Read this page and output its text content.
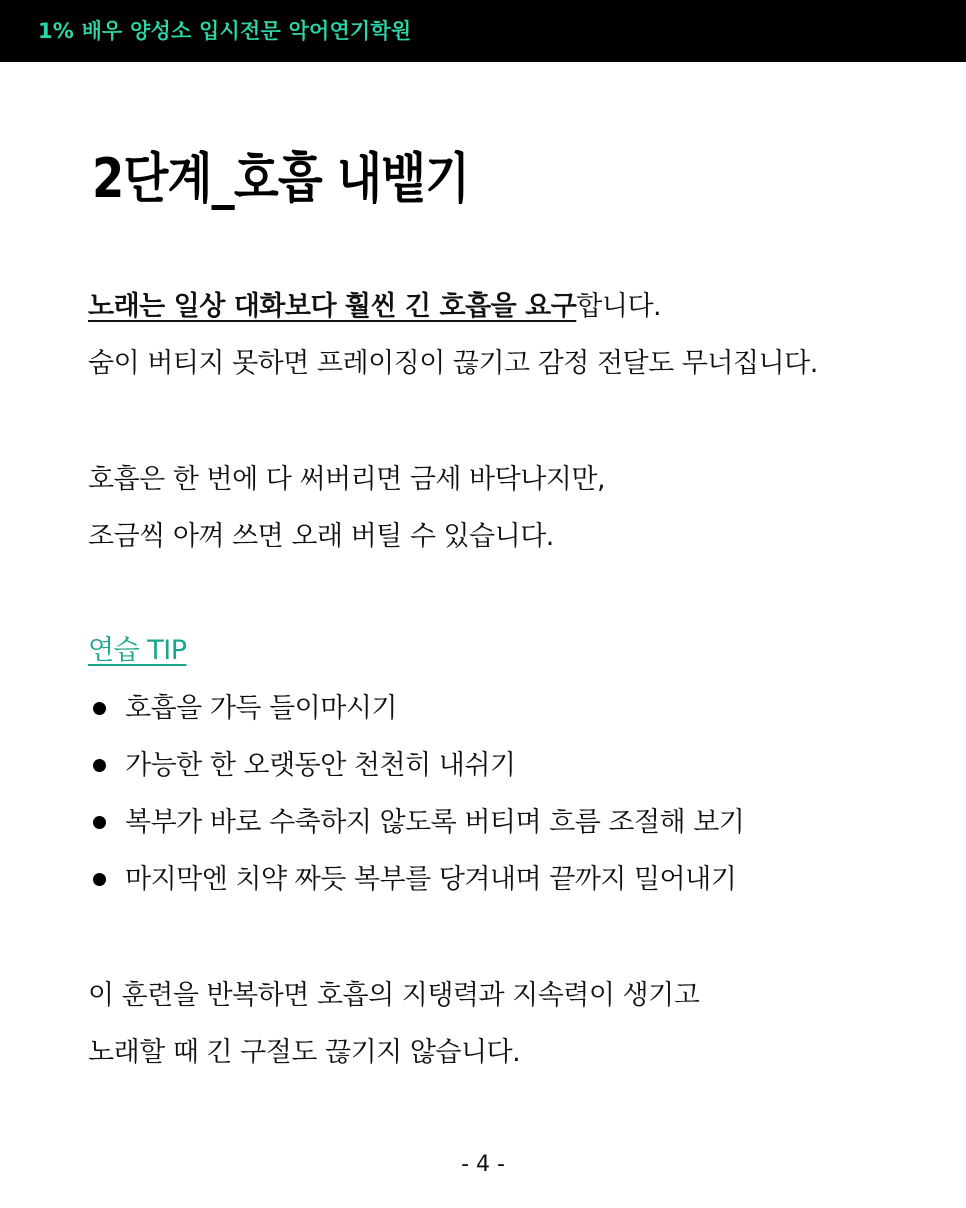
1% 배우 양성소 입시전문 악어연기학원
2단계_호흡 내뱉기
노래는 일상 대화보다 훨씬 긴 호흡을 요구합니다.
숨이 버티지 못하면 프레이징이 끊기고 감정 전달도 무너집니다.
호흡은 한 번에 다 써버리면 금세 바닥나지만,
조금씩 아껴 쓰면 오래 버틸 수 있습니다.
연습 TIP
호흡을 가득 들이마시기
가능한 한 오랫동안 천천히 내쉬기
복부가 바로 수축하지 않도록 버티며 흐름 조절해 보기
마지막엔 치약 짜듯 복부를 당겨내며 끝까지 밀어내기
이 훈련을 반복하면 호흡의 지탱력과 지속력이 생기고
노래할 때 긴 구절도 끊기지 않습니다.
- 4 -
